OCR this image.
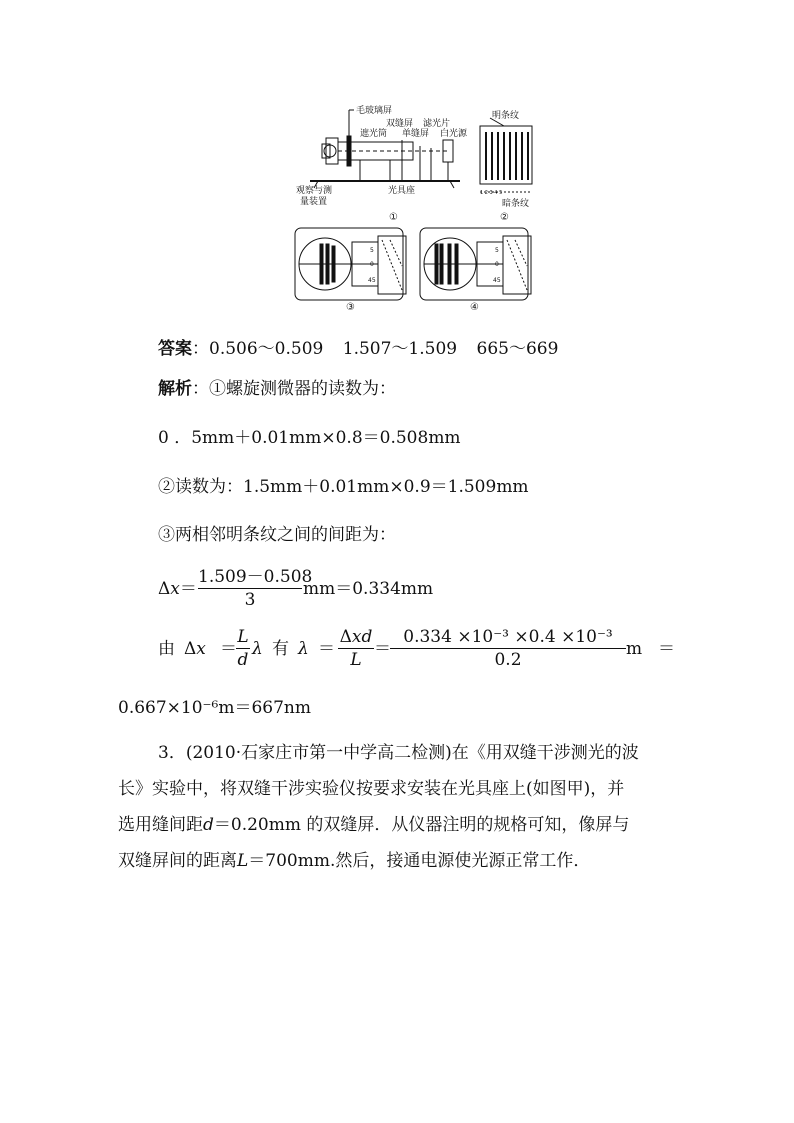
毛玻璃屏
双缝屏
遮光筒 单缝屏
滤光片
白光源
观察与测
量装置
光具座
明条纹
暗条纹
1 2 3 4 5
①	②
③	④
5
0
45
5
0
45
答案：0.506～0.509 1.507～1.509 665～669
解析：①螺旋测微器的读数为：
0 ．5mm＋0.01mm×0.8＝0.508mm
②读数为：1.5mm＋0.01mm×0.9＝1.509mm
③两相邻明条纹之间的间距为：
$\Delta x= \frac{1.509-0.508}{3} mm=0.334mm$
由 $\Delta x = \frac{L}{d}$ λ 有 λ ＝
Δxd
L
＝ $\frac{\text{0.334 ×10⁻³ ×0.4 ×10⁻³}}{0.2}$ m ＝
0.667×10⁻⁶m＝667nm
3．(2010·石家庄市第一中学高二检测)在《用双缝干涉测光的波
长》实验中，将双缝干涉实验仪按要求安装在光具座上(如图甲)，并
选用缝间距d＝0.20mm 的双缝屏．从仪器注明的规格可知，像屏与
双缝屏间的距离L＝700mm.然后，接通电源使光源正常工作．
